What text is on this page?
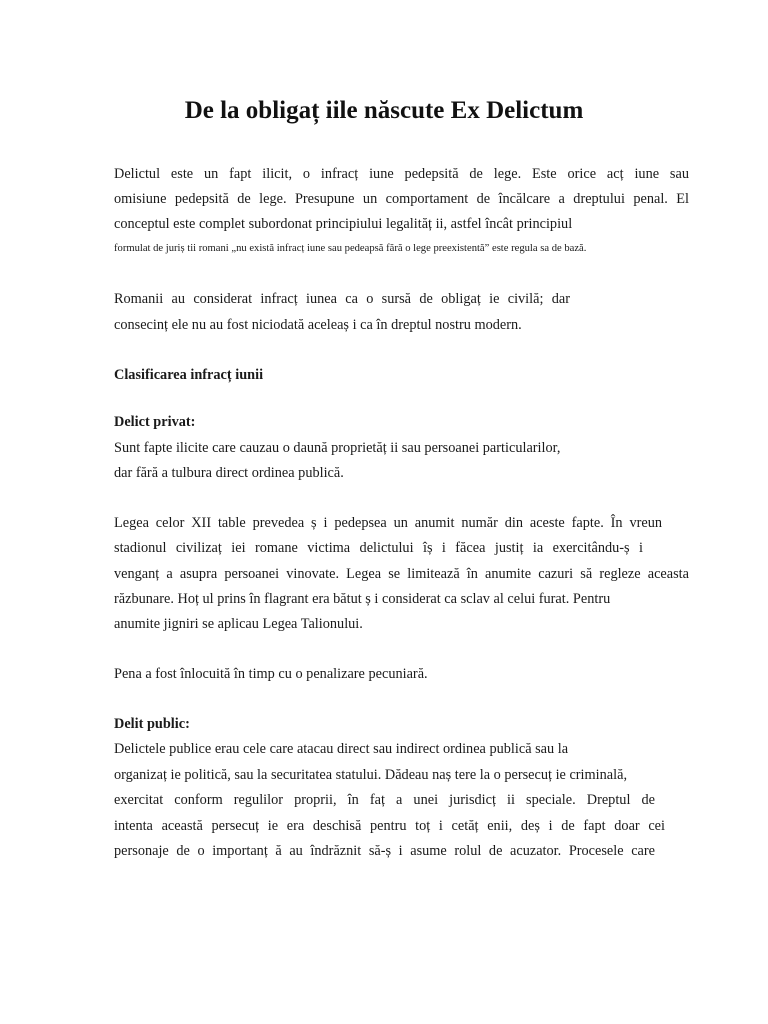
De la obligaț iile născute Ex Delictum
Delictul este un fapt ilicit, o infracț iune pedepsită de lege. Este orice acț iune sau
omisiune pedepsită de lege. Presupune un comportament de încălcare a dreptului penal. El
conceptul este complet subordonat principiului legalităț ii, astfel încât principiul
formulat de juriș tii romani „nu există infracț iune sau pedeapsă fără o lege preexistentă” este regula sa de bază.
Romanii au considerat infracț iunea ca o sursă de obligaț ie civilă; dar
consecinț ele nu au fost niciodată aceleaș i ca în dreptul nostru modern.
Clasificarea infracț iunii
Delict privat:
Sunt fapte ilicite care cauzau o daună proprietăț ii sau persoanei particularilor,
dar fără a tulbura direct ordinea publică.
Legea celor XII table prevedea ș i pedepsea un anumit număr din aceste fapte. În vreun
stadionul civilizaț iei romane victima delictului îș i făcea justiț ia exercitându-ș i
venganț a asupra persoanei vinovate. Legea se limitează în anumite cazuri să regleze aceasta
răzbunare. Hoț ul prins în flagrant era bătut ș i considerat ca sclav al celui furat. Pentru
anumite jigniri se aplicau Legea Talionului.
Pena a fost înlocuită în timp cu o penalizare pecuniară.
Delit public:
Delictele publice erau cele care atacau direct sau indirect ordinea publică sau la
organizaț ie politică, sau la securitatea statului. Dădeau naș tere la o persecuț ie criminală,
exercitat conform regulilor proprii, în faț a unei jurisdicț ii speciale. Dreptul de
intenta această persecuț ie era deschisă pentru toț i cetăț enii, deș i de fapt doar cei
personaje de o importanț ă au îndrăznit să-ș i asume rolul de acuzator. Procesele care
